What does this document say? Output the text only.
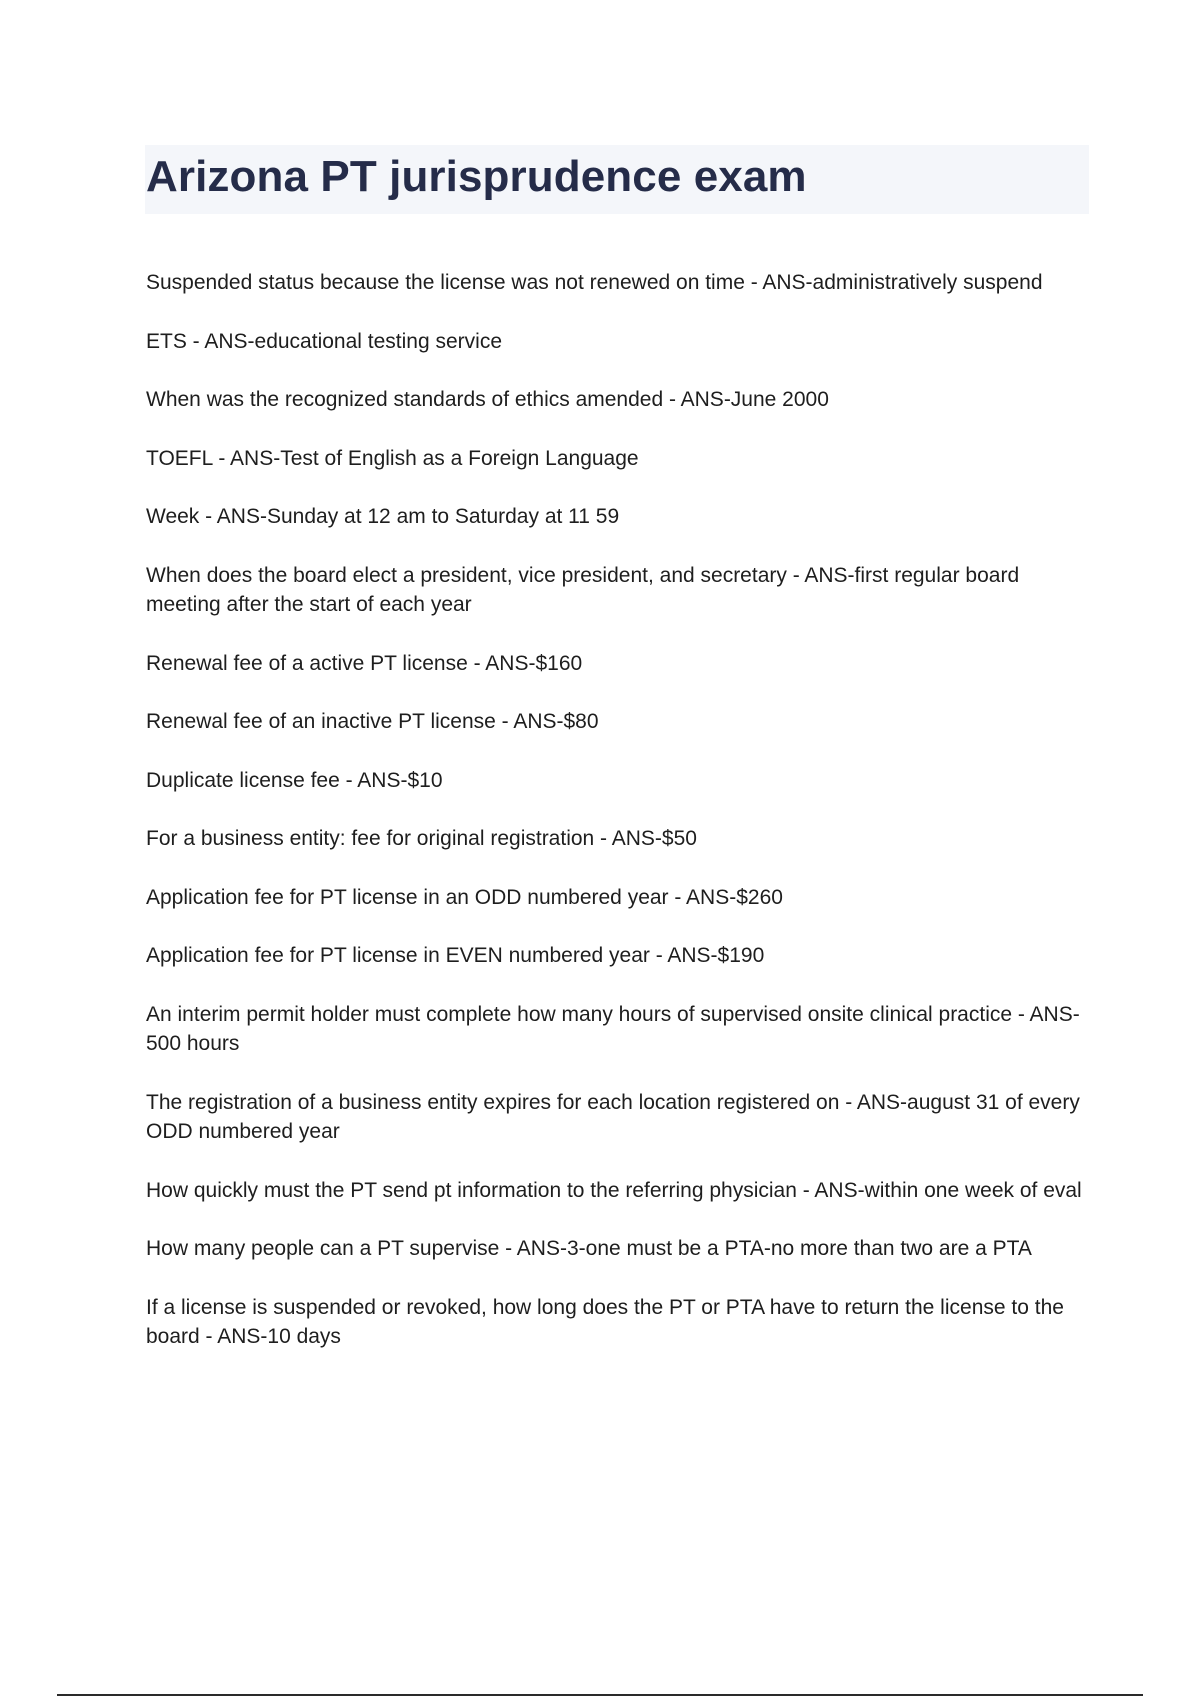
Arizona PT jurisprudence exam
Suspended status because the license was not renewed on time - ANS-administratively suspend
ETS - ANS-educational testing service
When was the recognized standards of ethics amended - ANS-June 2000
TOEFL - ANS-Test of English as a Foreign Language
Week - ANS-Sunday at 12 am to Saturday at 11 59
When does the board elect a president, vice president, and secretary - ANS-first regular board meeting after the start of each year
Renewal fee of a active PT license - ANS-$160
Renewal fee of an inactive PT license - ANS-$80
Duplicate license fee - ANS-$10
For a business entity: fee for original registration - ANS-$50
Application fee for PT license in an ODD numbered year - ANS-$260
Application fee for PT license in EVEN numbered year - ANS-$190
An interim permit holder must complete how many hours of supervised onsite clinical practice - ANS-500 hours
The registration of a business entity expires for each location registered on - ANS-august 31 of every ODD numbered year
How quickly must the PT send pt information to the referring physician - ANS-within one week of eval
How many people can a PT supervise - ANS-3-one must be a PTA-no more than two are a PTA
If a license is suspended or revoked, how long does the PT or PTA have to return the license to the board - ANS-10 days
